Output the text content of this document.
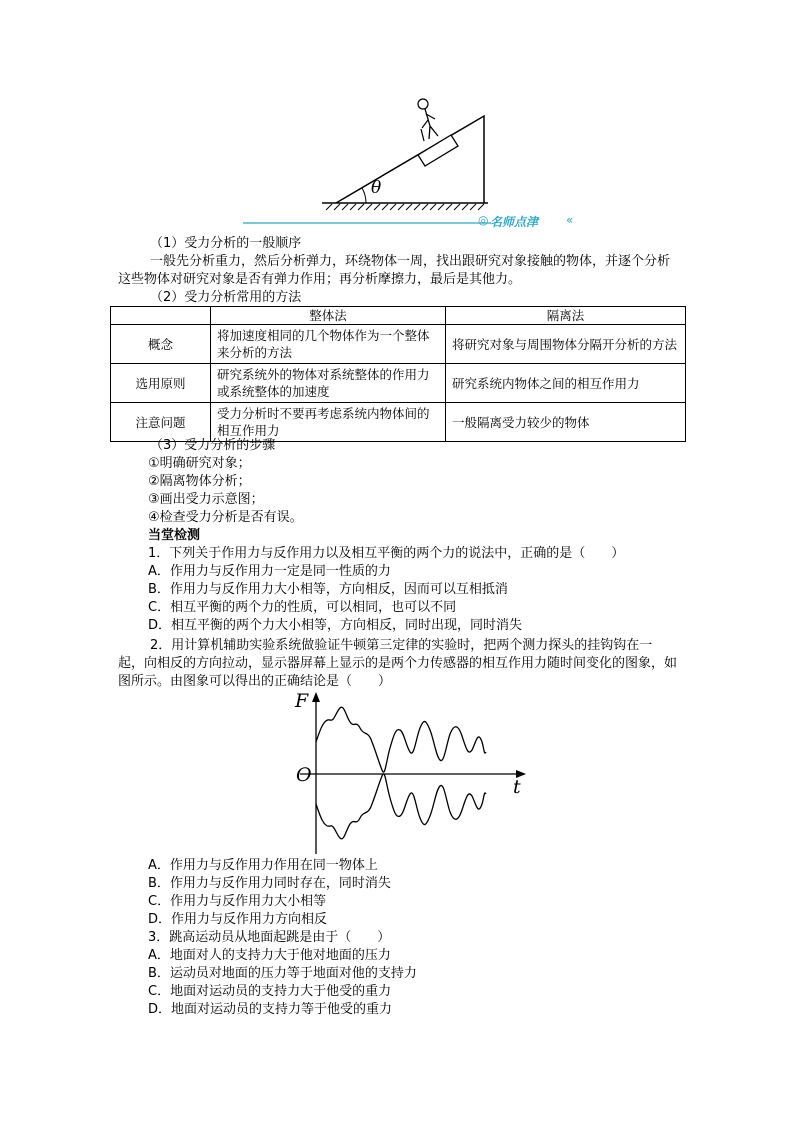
θ
◎ 名师点津 «
（1）受力分析的一般顺序
一般先分析重力，然后分析弹力，环绕物体一周，找出跟研究对象接触的物体，并逐个分析这些物体对研究对象是否有弹力作用；再分析摩擦力，最后是其他力。
（2）受力分析常用的方法
	整体法	隔离法
概念	将加速度相同的几个物体作为一个整体来分析的方法	将研究对象与周围物体分隔开分析的方法
选用原则	研究系统外的物体对系统整体的作用力或系统整体的加速度	研究系统内物体之间的相互作用力
注意问题	受力分析时不要再考虑系统内物体间的相互作用力	一般隔离受力较少的物体
（3）受力分析的步骤
①明确研究对象；
②隔离物体分析；
③画出受力示意图；
④检查受力分析是否有误。
当堂检测
1．下列关于作用力与反作用力以及相互平衡的两个力的说法中，正确的是（　　）
A．作用力与反作用力一定是同一性质的力
B．作用力与反作用力大小相等，方向相反，因而可以互相抵消
C．相互平衡的两个力的性质，可以相同，也可以不同
D．相互平衡的两个力大小相等，方向相反，同时出现，同时消失
2．用计算机辅助实验系统做验证牛顿第三定律的实验时，把两个测力探头的挂钩钩在一起，向相反的方向拉动，显示器屏幕上显示的是两个力传感器的相互作用力随时间变化的图象，如图所示。由图象可以得出的正确结论是（　　）
F
O
t
A．作用力与反作用力作用在同一物体上
B．作用力与反作用力同时存在，同时消失
C．作用力与反作用力大小相等
D．作用力与反作用力方向相反
3．跳高运动员从地面起跳是由于（　　）
A．地面对人的支持力大于他对地面的压力
B．运动员对地面的压力等于地面对他的支持力
C．地面对运动员的支持力大于他受的重力
D．地面对运动员的支持力等于他受的重力
